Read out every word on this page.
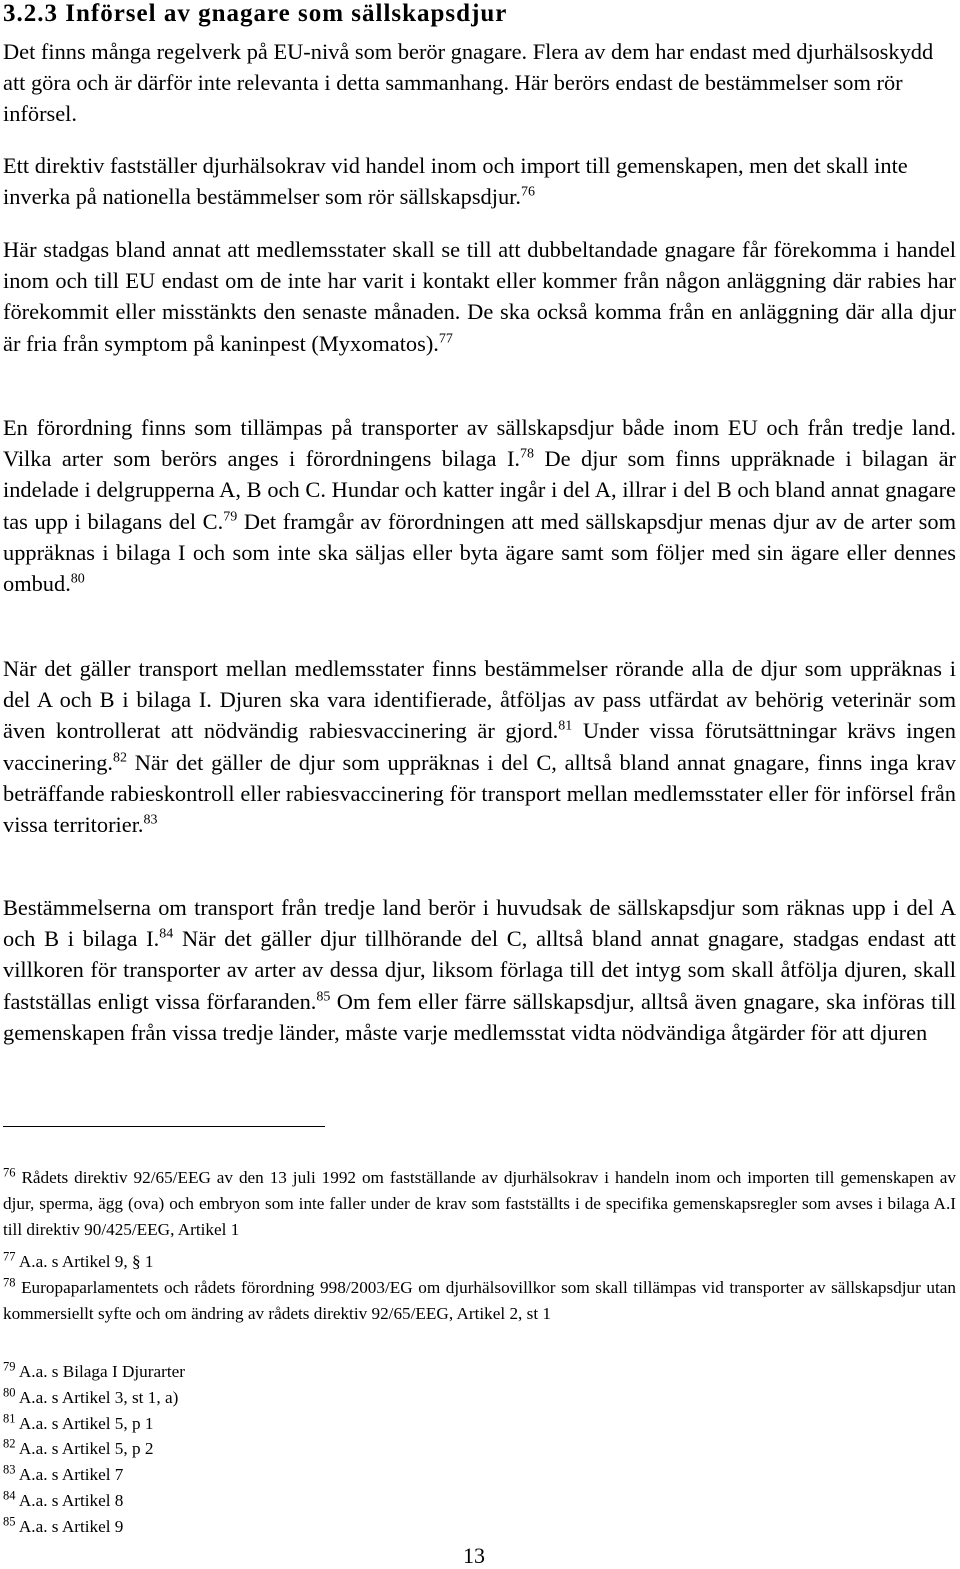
3.2.3 Införsel av gnagare som sällskapsdjur

Det finns många regelverk på EU-nivå som berör gnagare. Flera av dem har endast med djurhälsoskydd att göra och är därför inte relevanta i detta sammanhang. Här berörs endast de bestämmelser som rör införsel.

Ett direktiv fastställer djurhälsokrav vid handel inom och import till gemenskapen, men det skall inte inverka på nationella bestämmelser som rör sällskapsdjur.$^{76}$

Här stadgas bland annat att medlemsstater skall se till att dubbeltandade gnagare får förekomma i handel inom och till EU endast om de inte har varit i kontakt eller kommer från någon anläggning där rabies har förekommit eller misstänkts den senaste månaden. De ska också komma från en anläggning där alla djur är fria från symptom på kaninpest (Myxomatos).$^{77}$

En förordning finns som tillämpas på transporter av sällskapsdjur både inom EU och från tredje land. Vilka arter som berörs anges i förordningens bilaga I.$^{78}$ De djur som finns uppräknade i bilagan är indelade i delgrupperna A, B och C. Hundar och katter ingår i del A, illrar i del B och bland annat gnagare tas upp i bilagans del C.$^{79}$ Det framgår av förordningen att med sällskapsdjur menas djur av de arter som uppräknas i bilaga I och som inte ska säljas eller byta ägare samt som följer med sin ägare eller dennes ombud.$^{80}$

När det gäller transport mellan medlemsstater finns bestämmelser rörande alla de djur som uppräknas i del A och B i bilaga I. Djuren ska vara identifierade, åtföljas av pass utfärdat av behörig veterinär som även kontrollerat att nödvändig rabiesvaccinering är gjord.$^{81}$ Under vissa förutsättningar krävs ingen vaccinering.$^{82}$ När det gäller de djur som uppräknas i del C, alltså bland annat gnagare, finns inga krav beträffande rabieskontroll eller rabiesvaccinering för transport mellan medlemsstater eller för införsel från vissa territorier.$^{83}$

Bestämmelserna om transport från tredje land berör i huvudsak de sällskapsdjur som räknas upp i del A och B i bilaga I.$^{84}$ När det gäller djur tillhörande del C, alltså bland annat gnagare, stadgas endast att villkoren för transporter av arter av dessa djur, liksom förlaga till det intyg som skall åtfölja djuren, skall fastställas enligt vissa förfaranden.$^{85}$ Om fem eller färre sällskapsdjur, alltså även gnagare, ska införas till gemenskapen från vissa tredje länder, måste varje medlemsstat vidta nödvändiga åtgärder för att djuren

$^{76}$ Rådets direktiv 92/65/EEG av den 13 juli 1992 om fastställande av djurhälsokrav i handeln inom och importen till gemenskapen av djur, sperma, ägg (ova) och embryon som inte faller under de krav som fastställts i de specifika gemenskapsregler som avses i bilaga A.I till direktiv 90/425/EEG, Artikel 1

$^{77}$ A.a. s Artikel 9, § 1

$^{78}$ Europaparlamentets och rådets förordning 998/2003/EG om djurhälsovillkor som skall tillämpas vid transporter av sällskapsdjur utan kommersiellt syfte och om ändring av rådets direktiv 92/65/EEG, Artikel 2, st 1

$^{79}$ A.a. s Bilaga I Djurarter

$^{80}$ A.a. s Artikel 3, st 1, a)

$^{81}$ A.a. s Artikel 5, p 1

$^{82}$ A.a. s Artikel 5, p 2

$^{83}$ A.a. s Artikel 7

$^{84}$ A.a. s Artikel 8

$^{85}$ A.a. s Artikel 9

13
